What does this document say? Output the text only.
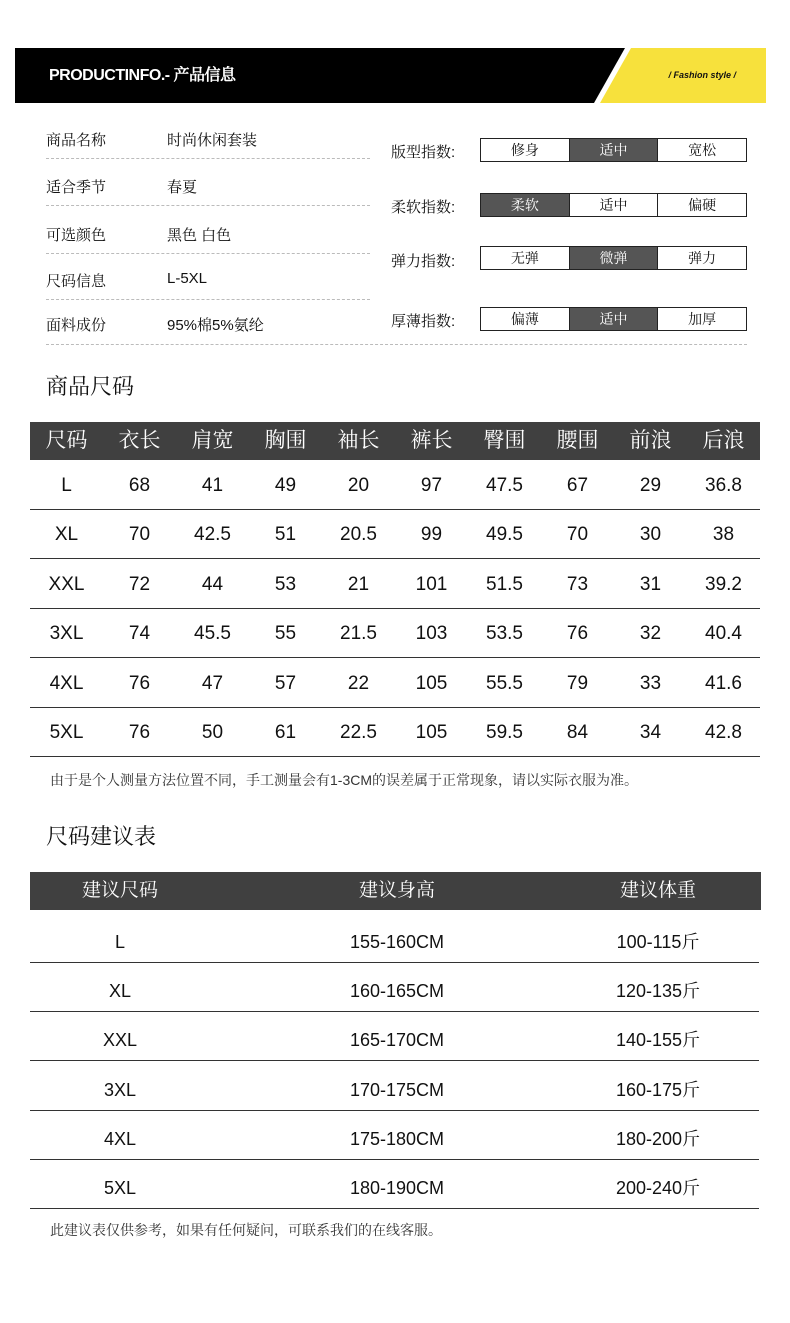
PRODUCTINFO.- 产品信息	/ Fashion style /
商品名称	时尚休闲套装
适合季节	春夏
可选颜色	黑色 白色
尺码信息	L-5XL
面料成份	95%棉5%氨纶
版型指数:	修身	适中	宽松
柔软指数:	柔软	适中	偏硬
弹力指数:	无弹	微弹	弹力
厚薄指数:	偏薄	适中	加厚
商品尺码
尺码	衣长	肩宽	胸围	袖长	裤长	臀围	腰围	前浪	后浪
L	68	41	49	20	97	47.5	67	29	36.8
XL	70	42.5	51	20.5	99	49.5	70	30	38
XXL	72	44	53	21	101	51.5	73	31	39.2
3XL	74	45.5	55	21.5	103	53.5	76	32	40.4
4XL	76	47	57	22	105	55.5	79	33	41.6
5XL	76	50	61	22.5	105	59.5	84	34	42.8
由于是个人测量方法位置不同，手工测量会有1-3CM的误差属于正常现象，请以实际衣服为准。
尺码建议表
建议尺码	建议身高	建议体重
L	155-160CM	100-115斤
XL	160-165CM	120-135斤
XXL	165-170CM	140-155斤
3XL	170-175CM	160-175斤
4XL	175-180CM	180-200斤
5XL	180-190CM	200-240斤
此建议表仅供参考，如果有任何疑问，可联系我们的在线客服。
